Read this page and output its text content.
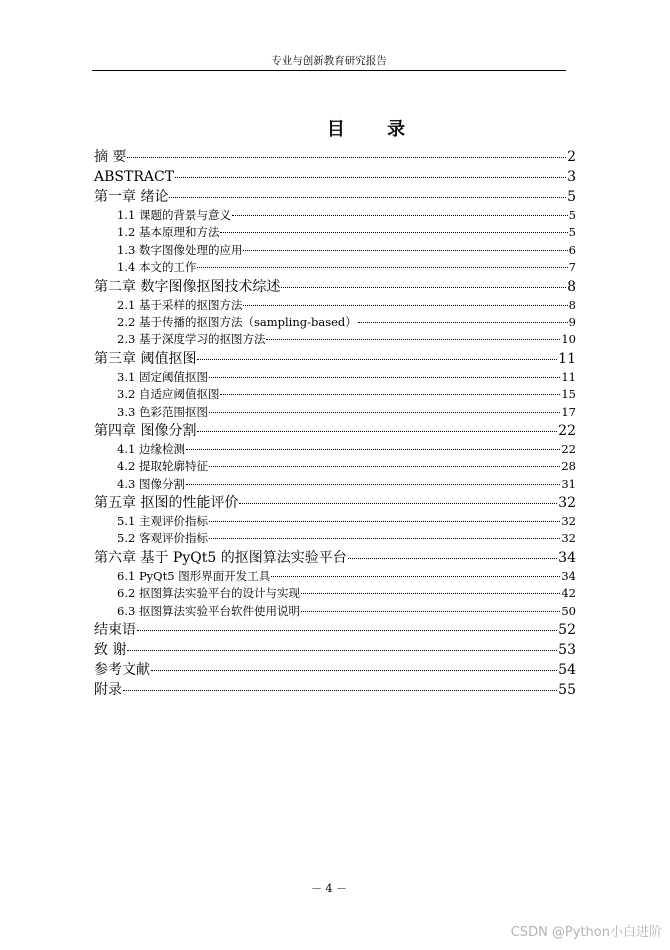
专业与创新教育研究报告
目 录
摘 要	2
ABSTRACT	3
第一章 绪论	5
1.1 课题的背景与意义	5
1.2 基本原理和方法	5
1.3 数字图像处理的应用	6
1.4 本文的工作	7
第二章 数字图像抠图技术综述	8
2.1 基于采样的抠图方法	8
2.2 基于传播的抠图方法（sampling-based）	9
2.3 基于深度学习的抠图方法	10
第三章 阈值抠图	11
3.1 固定阈值抠图	11
3.2 自适应阈值抠图	15
3.3 色彩范围抠图	17
第四章 图像分割	22
4.1 边缘检测	22
4.2 提取轮廓特征	28
4.3 图像分割	31
第五章 抠图的性能评价	32
5.1 主观评价指标	32
5.2 客观评价指标	32
第六章 基于 PyQt5 的抠图算法实验平台	34
6.1 PyQt5 图形界面开发工具	34
6.2 抠图算法实验平台的设计与实现	42
6.3 抠图算法实验平台软件使用说明	50
结束语	52
致 谢	53
参考文献	54
附录	55
－ 4 －
CSDN @Python小白进阶
